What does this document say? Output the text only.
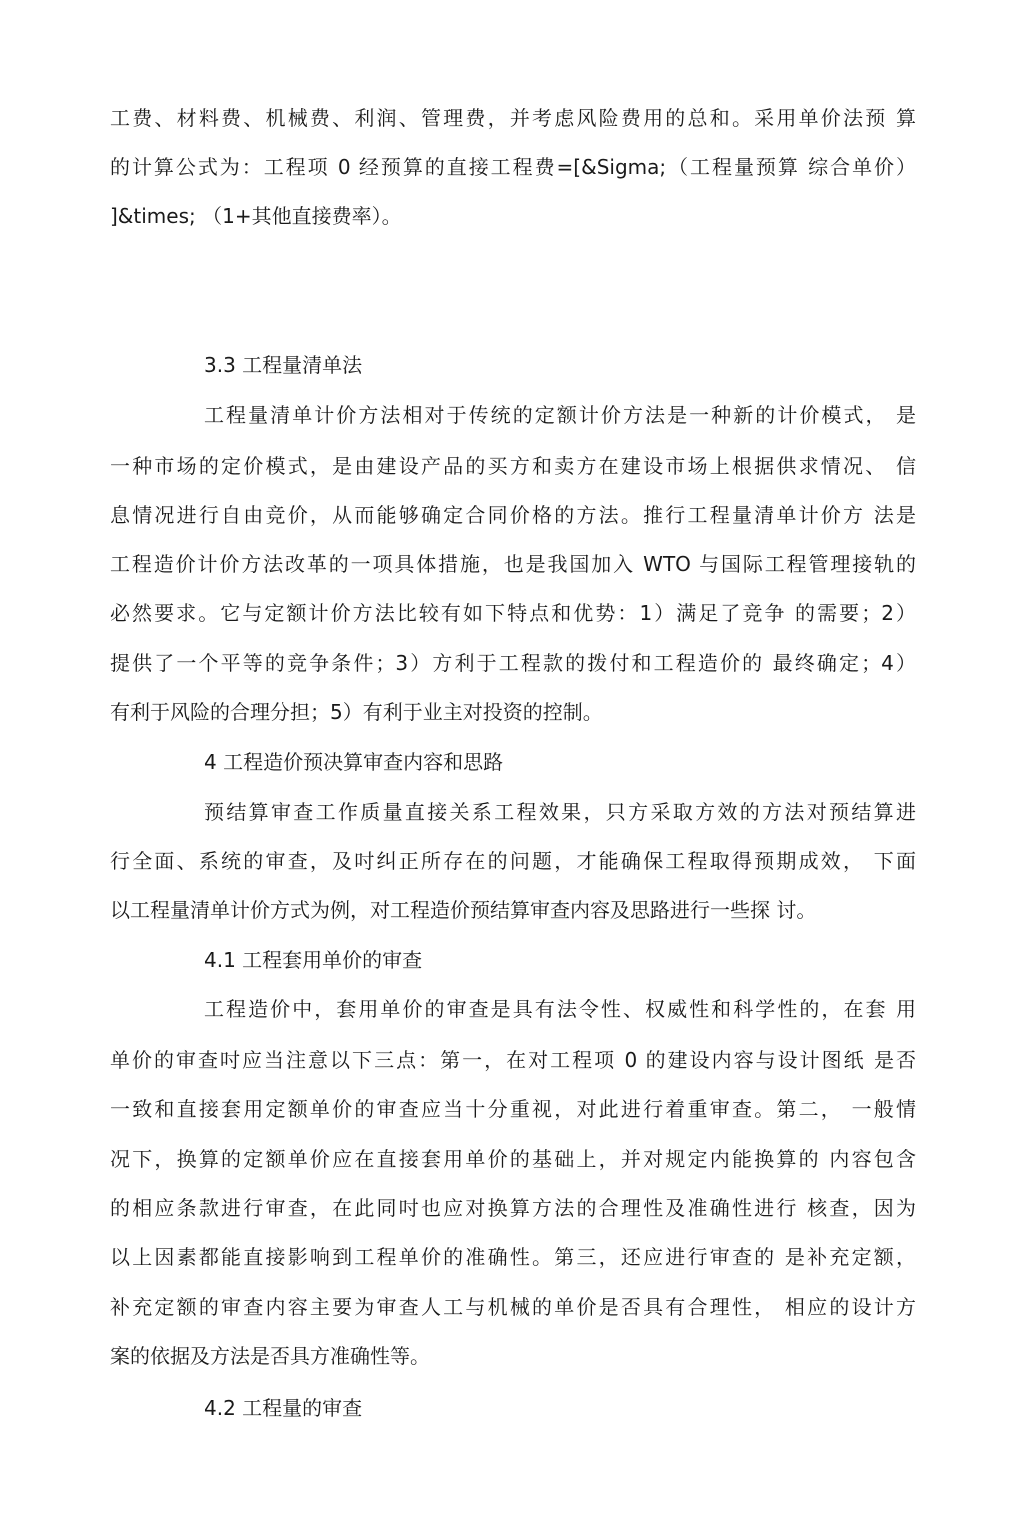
工费、材料费、机械费、利润、管理费，并考虑风险费用的总和。采用单价法预 算
的计算公式为：工程项 0 经预算的直接工程费=[&Sigma;（工程量预算 综合单价）
]&times; （1+其他直接费率）。
3.3 工程量清单法
工程量清单计价方法相对于传统的定额计价方法是一种新的计价模式， 是
一种市场的定价模式，是由建设产品的买方和卖方在建设市场上根据供求情况、 信
息情况进行自由竞价，从而能够确定合同价格的方法。推行工程量清单计价方 法是
工程造价计价方法改革的一项具体措施，也是我国加入 WTO 与国际工程管理接轨的
必然要求。它与定额计价方法比较有如下特点和优势：1）满足了竞争 的需要；2）
提供了一个平等的竞争条件；3）方利于工程款的拨付和工程造价的 最终确定；4）
有利于风险的合理分担；5）有利于业主对投资的控制。
4 工程造价预决算审查内容和思路
预结算审查工作质量直接关系工程效果，只方采取方效的方法对预结算进
行全面、系统的审查，及吋纠正所存在的问题，才能确保工程取得预期成效， 下面
以工程量清单计价方式为例，对工程造价预结算审查内容及思路进行一些探 讨。
4.1 工程套用单价的审查
工程造价中，套用单价的审查是具有法令性、权威性和科学性的，在套 用
单价的审查吋应当注意以下三点：第一，在对工程项 0 的建设内容与设计图纸 是否
一致和直接套用定额单价的审查应当十分重视，对此进行着重审查。第二， 一般情
况下，换算的定额单价应在直接套用单价的基础上，并对规定内能换算的 内容包含
的相应条款进行审查，在此同吋也应对换算方法的合理性及准确性进行 核查，因为
以上因素都能直接影响到工程单价的准确性。第三，还应进行审查的 是补充定额，
补充定额的审查内容主要为审查人工与机械的单价是否具有合理性， 相应的设计方
案的依据及方法是否具方准确性等。
4.2 工程量的审查
